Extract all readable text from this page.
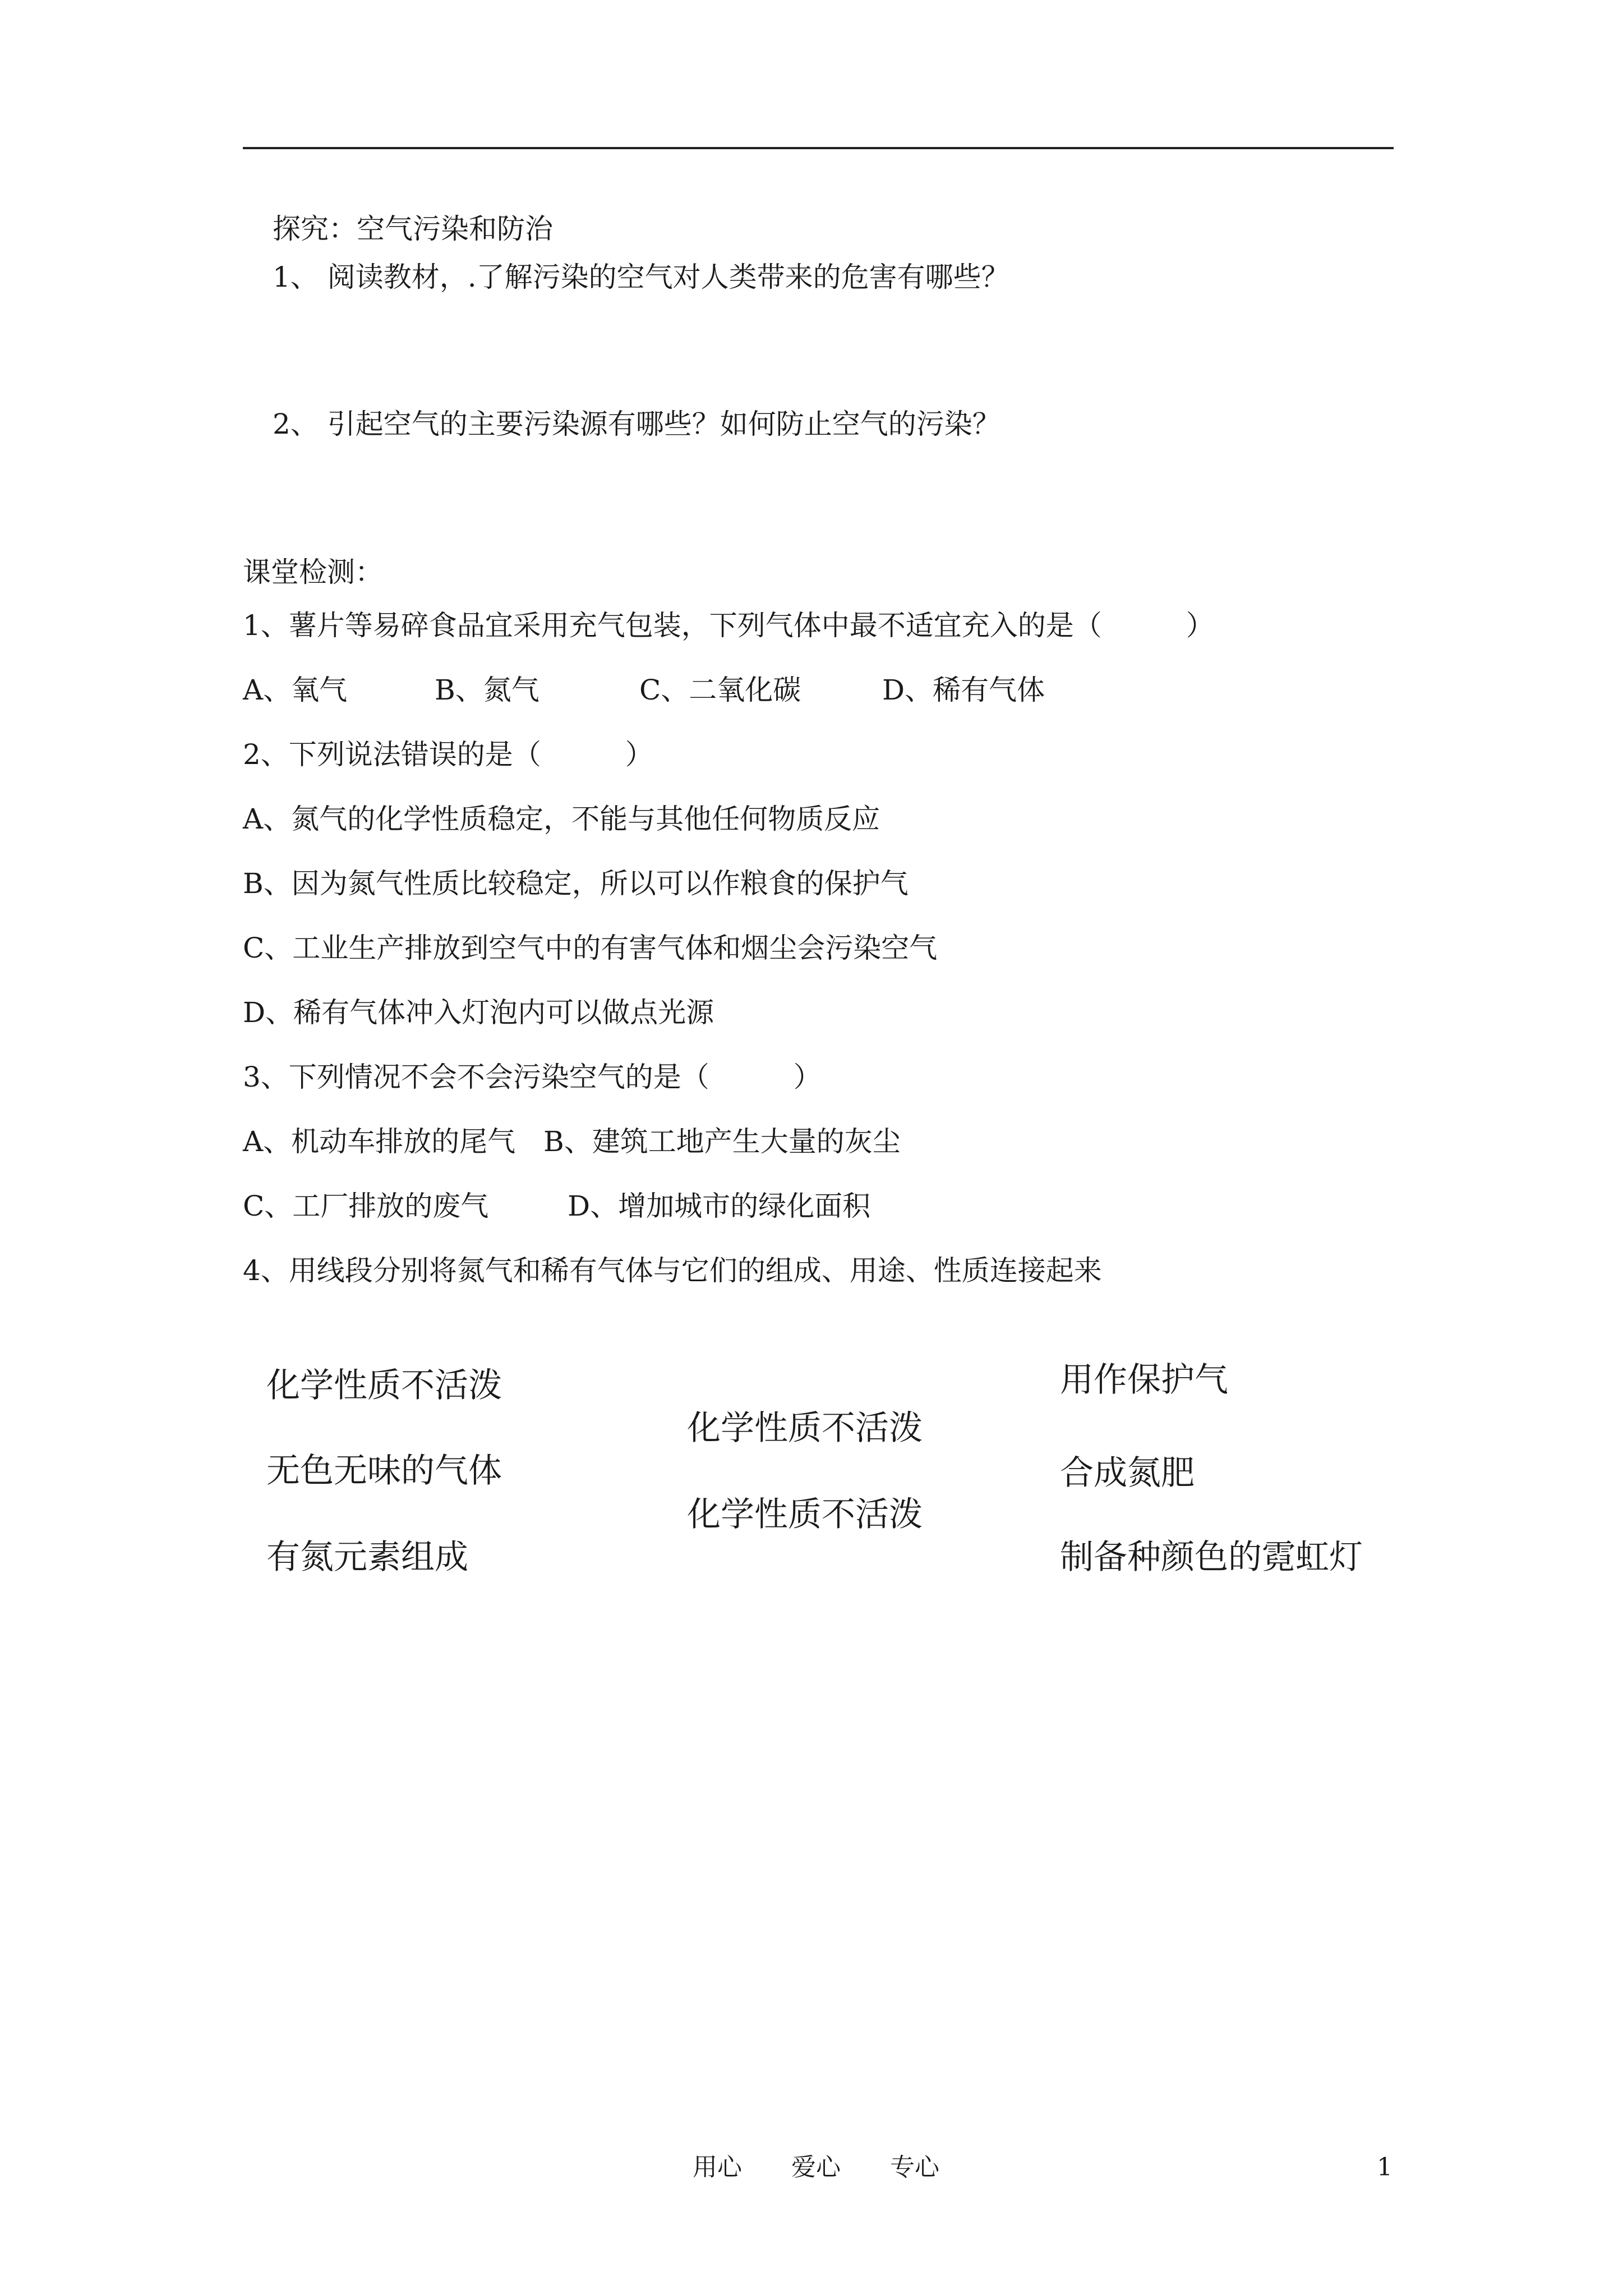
探究：空气污染和防治
1、 阅读教材，.了解污染的空气对人类带来的危害有哪些？
2、 引起空气的主要污染源有哪些？如何防止空气的污染？
课堂检测：
1、薯片等易碎食品宜采用充气包装，下列气体中最不适宜充入的是（　　　）
A、氧气	B、氮气	C、二氧化碳	D、稀有气体
2、下列说法错误的是（　　　）
A、氮气的化学性质稳定，不能与其他任何物质反应
B、因为氮气性质比较稳定，所以可以作粮食的保护气
C、工业生产排放到空气中的有害气体和烟尘会污染空气
D、稀有气体冲入灯泡内可以做点光源
3、下列情况不会不会污染空气的是（　　　）
A、机动车排放的尾气 B、建筑工地产生大量的灰尘
C、工厂排放的废气	D、增加城市的绿化面积
4、用线段分别将氮气和稀有气体与它们的组成、用途、性质连接起来
化学性质不活泼
无色无味的气体
有氮元素组成
化学性质不活泼
化学性质不活泼
用作保护气
合成氮肥
制备种颜色的霓虹灯
用心　　爱心　　专心	1
